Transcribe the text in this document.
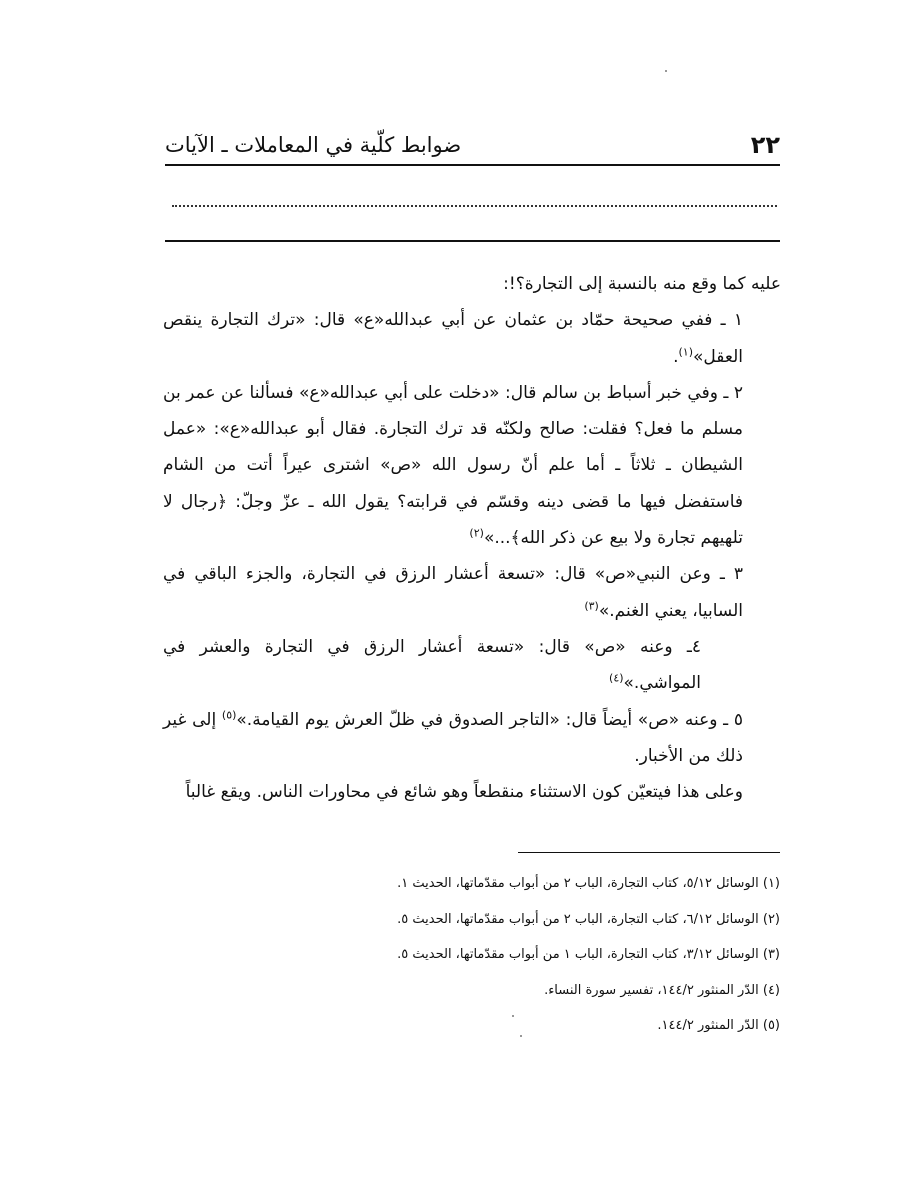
٢٢
ضوابط كلّية في المعاملات ـ الآيات

عليه كما وقع منه بالنسبة إلى التجارة؟!:

١ ـ ففي صحيحة حمّاد بن عثمان عن أبي عبدالله«ع» قال: «ترك التجارة ينقص العقل»$^{(١)}$.

٢ ـ وفي خبر أسباط بن سالم قال: «دخلت على أبي عبدالله«ع» فسألنا عن عمر بن مسلم ما فعل؟ فقلت: صالح ولكنّه قد ترك التجارة. فقال أبو عبدالله«ع»: «عمل الشيطان ـ ثلاثاً ـ أما علم أنّ رسول الله «ص» اشترى عيراً أتت من الشام فاستفضل فيها ما قضى دينه وقسّم في قرابته؟ يقول الله ـ عزّ وجلّ: ﴿رجال لا تلهيهم تجارة ولا بيع عن ذكر الله﴾...»$^{(٢)}$

٣ ـ وعن النبي«ص» قال: «تسعة أعشار الرزق في التجارة، والجزء الباقي في السابيا، يعني الغنم.»$^{(٣)}$

٤ـ وعنه «ص» قال: «تسعة أعشار الرزق في التجارة والعشر في المواشي.»$^{(٤)}$

٥ ـ وعنه «ص» أيضاً قال: «التاجر الصدوق في ظلّ العرش يوم القيامة.»$^{(٥)}$ إلى غير ذلك من الأخبار.

وعلى هذا فيتعيّن كون الاستثناء منقطعاً وهو شائع في محاورات الناس. ويقع غالباً

(١) الوسائل ٥/١٢، كتاب التجارة، الباب ٢ من أبواب مقدّماتها، الحديث ١.
(٢) الوسائل ٦/١٢، كتاب التجارة، الباب ٢ من أبواب مقدّماتها، الحديث ٥.
(٣) الوسائل ٣/١٢، كتاب التجارة، الباب ١ من أبواب مقدّماتها، الحديث ٥.
(٤) الدّر المنثور ١٤٤/٢، تفسير سورة النساء.
(٥) الدّر المنثور ١٤٤/٢.
